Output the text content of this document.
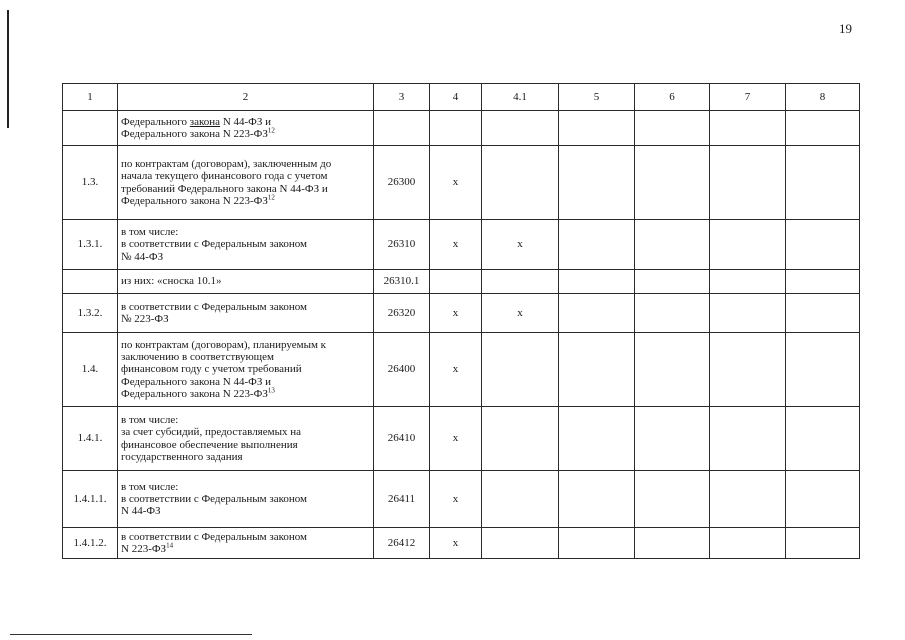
19
1	2	3	4	4.1	5	6	7	8

	Федерального закона N 44-ФЗ и
Федерального закона N 223-ФЗ$^{12}$

1.3.	по контрактам (договорам), заключенным до
начала текущего финансового года с учетом
требований Федерального закона N 44-ФЗ и
Федерального закона N 223-ФЗ$^{12}$	26300	x					
1.3.1.	в том числе:
в соответствии с Федеральным законом
№ 44-ФЗ	26310	x	x				

	из них: «сноска 10.1»	26310.1						
1.3.2.	в соответствии с Федеральным законом
№ 223-ФЗ	26320	x	x				
1.4.	по контрактам (договорам), планируемым к
заключению в соответствующем
финансовом году с учетом требований
Федерального закона N 44-ФЗ и
Федерального закона N 223-ФЗ$^{13}$	26400	x					
1.4.1.	в том числе:
за счет субсидий, предоставляемых на
финансовое обеспечение выполнения
государственного задания	26410	x					
1.4.1.1.	в том числе:
в соответствии с Федеральным законом
N 44-ФЗ	26411	x					
1.4.1.2.	в соответствии с Федеральным законом
N 223-ФЗ$^{14}$	26412	x					
